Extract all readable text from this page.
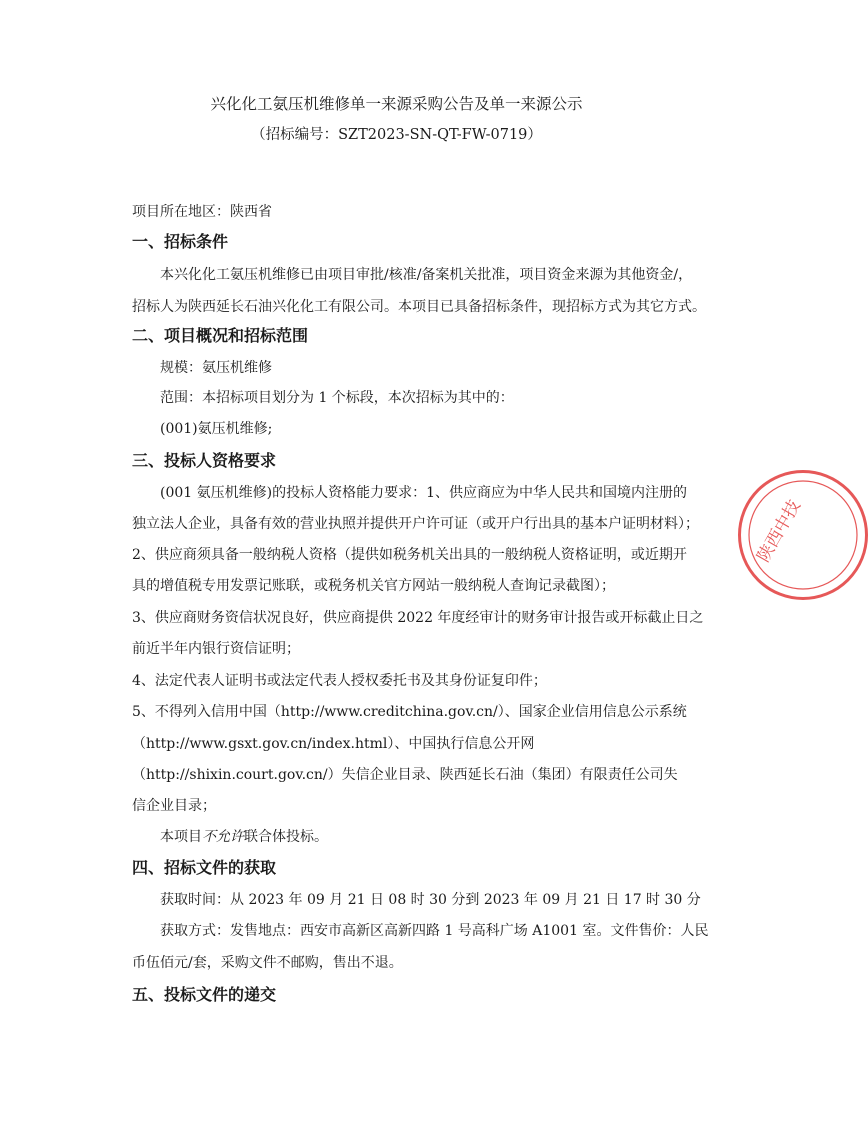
兴化化工氨压机维修单一来源采购公告及单一来源公示
（招标编号：SZT2023-SN-QT-FW-0719）
项目所在地区：陕西省
一、招标条件
本兴化化工氨压机维修已由项目审批/核准/备案机关批准，项目资金来源为其他资金/，
招标人为陕西延长石油兴化化工有限公司。本项目已具备招标条件，现招标方式为其它方式。
二、项目概况和招标范围
规模：氨压机维修
范围：本招标项目划分为 1 个标段，本次招标为其中的：
(001)氨压机维修;
三、投标人资格要求
(001 氨压机维修)的投标人资格能力要求：1、供应商应为中华人民共和国境内注册的
独立法人企业，具备有效的营业执照并提供开户许可证（或开户行出具的基本户证明材料）；
2、供应商须具备一般纳税人资格（提供如税务机关出具的一般纳税人资格证明，或近期开
具的增值税专用发票记账联，或税务机关官方网站一般纳税人查询记录截图）；
3、供应商财务资信状况良好，供应商提供 2022 年度经审计的财务审计报告或开标截止日之
前近半年内银行资信证明；
4、法定代表人证明书或法定代表人授权委托书及其身份证复印件；
5、不得列入信用中国（http://www.creditchina.gov.cn/）、国家企业信用信息公示系统
（http://www.gsxt.gov.cn/index.html）、中国执行信息公开网
（http://shixin.court.gov.cn/）失信企业目录、陕西延长石油（集团）有限责任公司失
信企业目录；
本项目不允许联合体投标。
四、招标文件的获取
获取时间：从 2023 年 09 月 21 日 08 时 30 分到 2023 年 09 月 21 日 17 时 30 分
获取方式：发售地点：西安市高新区高新四路 1 号高科广场 A1001 室。文件售价：人民
币伍佰元/套，采购文件不邮购，售出不退。
五、投标文件的递交
陕西中技
